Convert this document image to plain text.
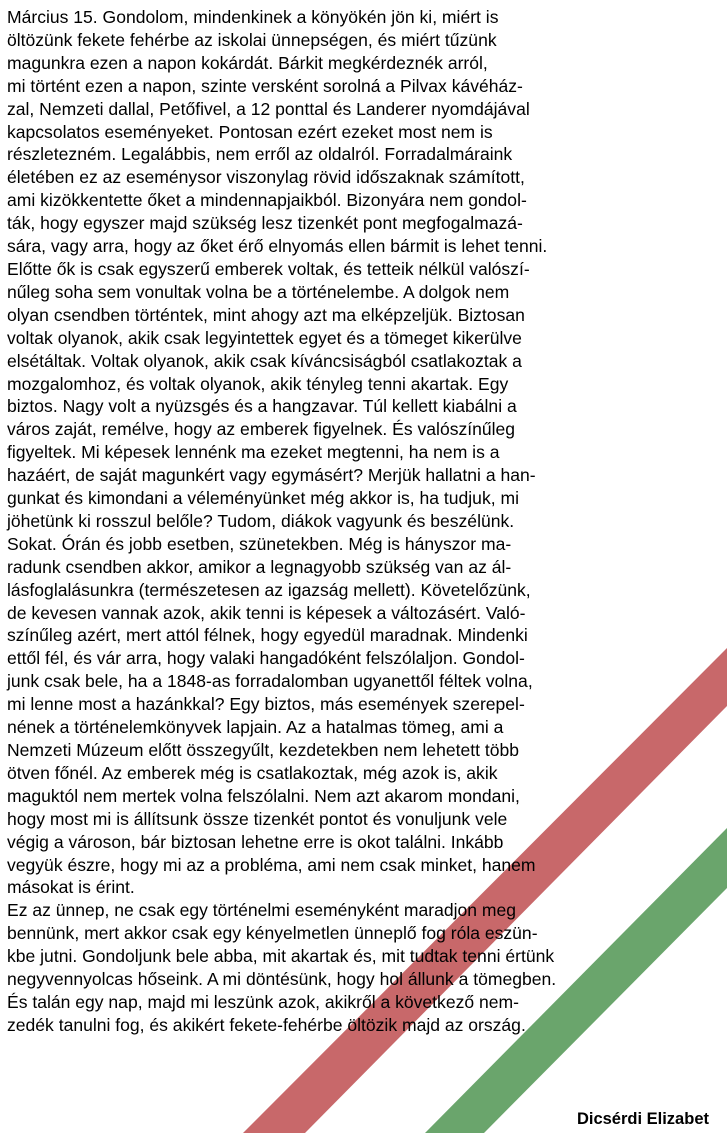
Március 15. Gondolom, mindenkinek a könyökén jön ki, miért is
öltözünk fekete fehérbe az iskolai ünnepségen, és miért tűzünk
magunkra ezen a napon kokárdát. Bárkit megkérdeznék arról,
mi történt ezen a napon, szinte versként sorolná a Pilvax kávéház-
zal, Nemzeti dallal, Petőfivel, a 12 ponttal és Landerer nyomdájával
kapcsolatos eseményeket. Pontosan ezért ezeket most nem is
részletezném. Legalábbis, nem erről az oldalról. Forradalmáraink
életében ez az eseménysor viszonylag rövid időszaknak számított,
ami kizökkentette őket a mindennapjaikból. Bizonyára nem gondol-
ták, hogy egyszer majd szükség lesz tizenkét pont megfogalmazá-
sára, vagy arra, hogy az őket érő elnyomás ellen bármit is lehet tenni.
Előtte ők is csak egyszerű emberek voltak, és tetteik nélkül valószí-
nűleg soha sem vonultak volna be a történelembe. A dolgok nem
olyan csendben történtek, mint ahogy azt ma elképzeljük. Biztosan
voltak olyanok, akik csak legyintettek egyet és a tömeget kikerülve
elsétáltak. Voltak olyanok, akik csak kíváncsiságból csatlakoztak a
mozgalomhoz, és voltak olyanok, akik tényleg tenni akartak. Egy
biztos. Nagy volt a nyüzsgés és a hangzavar. Túl kellett kiabálni a
város zaját, remélve, hogy az emberek figyelnek. És valószínűleg
figyeltek. Mi képesek lennénk ma ezeket megtenni, ha nem is a
hazáért, de saját magunkért vagy egymásért? Merjük hallatni a han-
gunkat és kimondani a véleményünket még akkor is, ha tudjuk, mi
jöhetünk ki rosszul belőle? Tudom, diákok vagyunk és beszélünk.
Sokat. Órán és jobb esetben, szünetekben. Még is hányszor ma-
radunk csendben akkor, amikor a legnagyobb szükség van az ál-
lásfoglalásunkra (természetesen az igazság mellett). Követelőzünk,
de kevesen vannak azok, akik tenni is képesek a változásért. Való-
színűleg azért, mert attól félnek, hogy egyedül maradnak. Mindenki
ettől fél, és vár arra, hogy valaki hangadóként felszólaljon. Gondol-
junk csak bele, ha a 1848-as forradalomban ugyanettől féltek volna,
mi lenne most a hazánkkal? Egy biztos, más események szerepel-
nének a történelemkönyvek lapjain. Az a hatalmas tömeg, ami a
Nemzeti Múzeum előtt összegyűlt, kezdetekben nem lehetett több
ötven főnél. Az emberek még is csatlakoztak, még azok is, akik
maguktól nem mertek volna felszólalni. Nem azt akarom mondani,
hogy most mi is állítsunk össze tizenkét pontot és vonuljunk vele
végig a városon, bár biztosan lehetne erre is okot találni. Inkább
vegyük észre, hogy mi az a probléma, ami nem csak minket, hanem
másokat is érint.
Ez az ünnep, ne csak egy történelmi eseményként maradjon meg
bennünk, mert akkor csak egy kényelmetlen ünneplő fog róla eszün-
kbe jutni. Gondoljunk bele abba, mit akartak és, mit tudtak tenni értünk
negyvennyolcas hőseink. A mi döntésünk, hogy hol állunk a tömegben.
És talán egy nap, majd mi leszünk azok, akikről a következő nem-
zedék tanulni fog, és akikért fekete-fehérbe öltözik majd az ország.
Dicsérdi Elizabet
